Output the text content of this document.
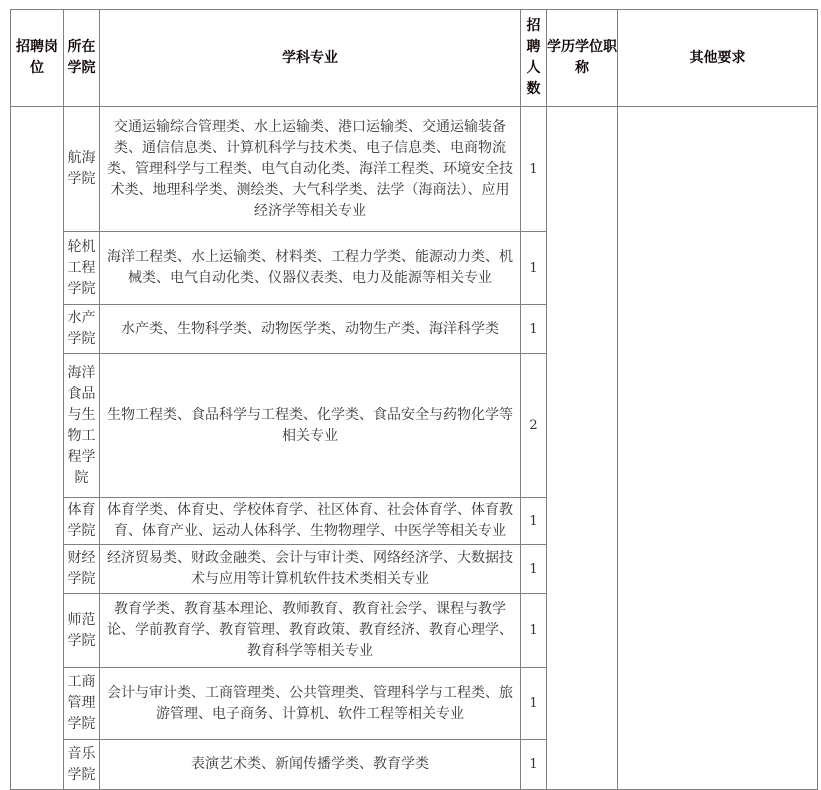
招聘岗位	所在学院	学科专业	招聘人数	学历学位职称	其他要求
	航海学院	交通运输综合管理类、水上运输类、港口运输类、交通运输装备类、通信信息类、计算机科学与技术类、电子信息类、电商物流类、管理科学与工程类、电气自动化类、海洋工程类、环境安全技术类、地理科学类、测绘类、大气科学类、法学（海商法）、应用经济学等相关专业	1		
	轮机工程学院	海洋工程类、水上运输类、材料类、工程力学类、能源动力类、机械类、电气自动化类、仪器仪表类、电力及能源等相关专业	1		
	水产学院	水产类、生物科学类、动物医学类、动物生产类、海洋科学类	1		
	海洋食品与生物工程学院	生物工程类、食品科学与工程类、化学类、食品安全与药物化学等相关专业	2		
	体育学院	体育学类、体育史、学校体育学、社区体育、社会体育学、体育教育、体育产业、运动人体科学、生物物理学、中医学等相关专业	1		
	财经学院	经济贸易类、财政金融类、会计与审计类、网络经济学、大数据技术与应用等计算机软件技术类相关专业	1		
	师范学院	教育学类、教育基本理论、教师教育、教育社会学、课程与教学论、学前教育学、教育管理、教育政策、教育经济、教育心理学、教育科学等相关专业	1		
	工商管理学院	会计与审计类、工商管理类、公共管理类、管理科学与工程类、旅游管理、电子商务、计算机、软件工程等相关专业	1		
	音乐学院	表演艺术类、新闻传播学类、教育学类	1		
